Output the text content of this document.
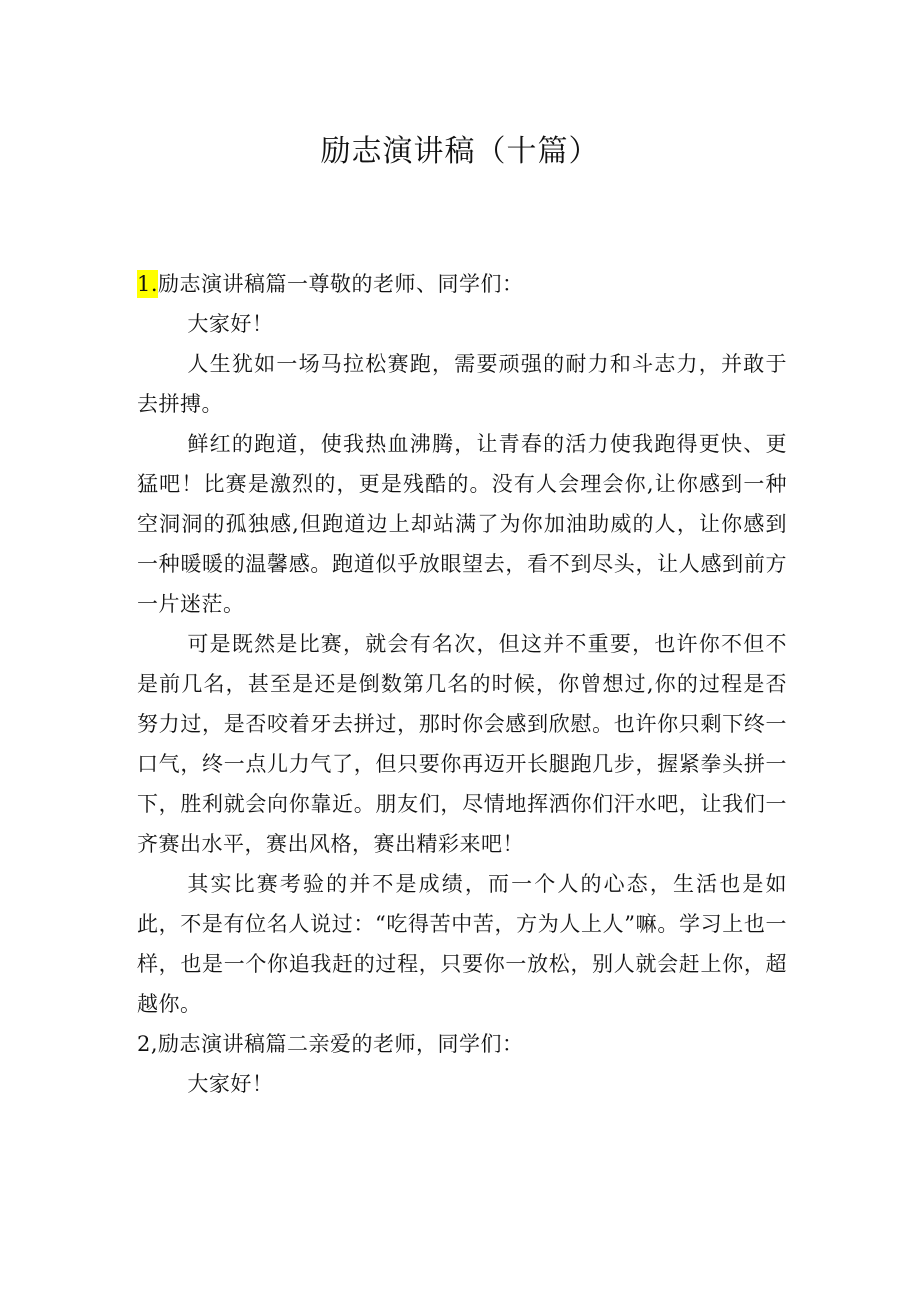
励志演讲稿（十篇）

1.励志演讲稿篇一尊敬的老师、同学们：

大家好！

人生犹如一场马拉松赛跑，需要顽强的耐力和斗志力，并敢于去拼搏。

鲜红的跑道，使我热血沸腾，让青春的活力使我跑得更快、更猛吧！比赛是激烈的，更是残酷的。没有人会理会你,让你感到一种空洞洞的孤独感,但跑道边上却站满了为你加油助威的人，让你感到一种暖暖的温馨感。跑道似乎放眼望去，看不到尽头，让人感到前方一片迷茫。

可是既然是比赛，就会有名次，但这并不重要，也许你不但不是前几名，甚至是还是倒数第几名的时候，你曾想过,你的过程是否努力过，是否咬着牙去拼过，那时你会感到欣慰。也许你只剩下终一口气，终一点儿力气了，但只要你再迈开长腿跑几步，握紧拳头拼一下，胜利就会向你靠近。朋友们，尽情地挥洒你们汗水吧，让我们一齐赛出水平，赛出风格，赛出精彩来吧！

其实比赛考验的并不是成绩，而一个人的心态，生活也是如此，不是有位名人说过：“吃得苦中苦，方为人上人”嘛。学习上也一样，也是一个你追我赶的过程，只要你一放松，别人就会赶上你，超越你。

2,励志演讲稿篇二亲爱的老师，同学们：

大家好！
